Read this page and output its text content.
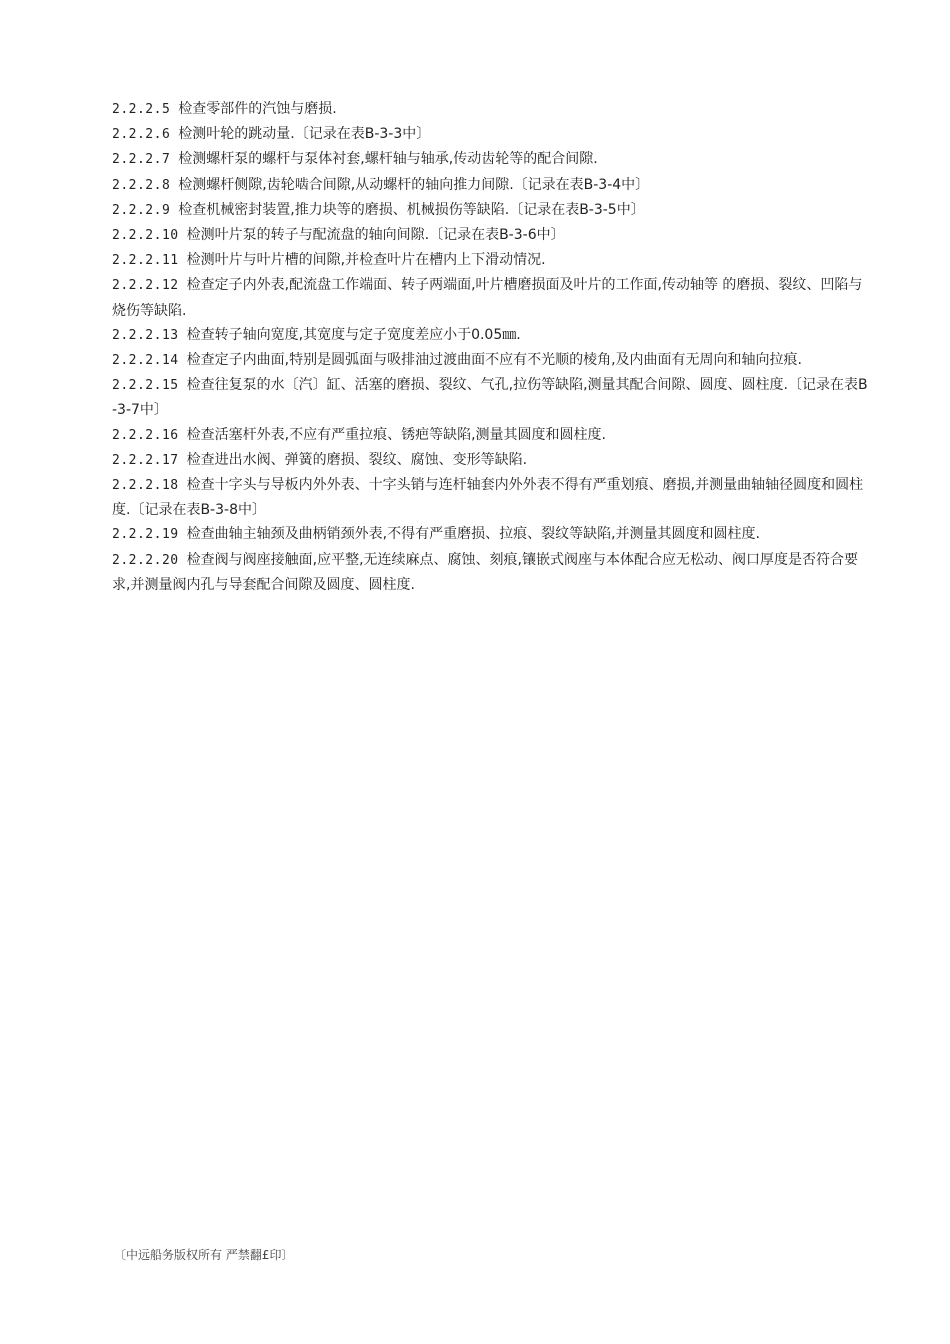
2.2.2.5 检查零部件的汽蚀与磨损.

2.2.2.6 检测叶轮的跳动量.〔记录在表B-3-3中〕

2.2.2.7 检测螺杆泵的螺杆与泵体衬套,螺杆轴与轴承,传动齿轮等的配合间隙.

2.2.2.8 检测螺杆侧隙,齿轮啮合间隙,从动螺杆的轴向推力间隙.〔记录在表B-3-4中〕

2.2.2.9 检查机械密封装置,推力块等的磨损、机械损伤等缺陷.〔记录在表B-3-5中〕

2.2.2.10 检测叶片泵的转子与配流盘的轴向间隙.〔记录在表B-3-6中〕

2.2.2.11 检测叶片与叶片槽的间隙,并检查叶片在槽内上下滑动情况.

2.2.2.12 检查定子内外表,配流盘工作端面、转子两端面,叶片槽磨损面及叶片的工作面,传动轴等 的磨损、裂纹、凹陷与烧伤等缺陷.

2.2.2.13 检查转子轴向宽度,其宽度与定子宽度差应小于0.05㎜.

2.2.2.14 检查定子内曲面,特别是圆弧面与吸排油过渡曲面不应有不光顺的棱角,及内曲面有无周向和轴向拉痕.

2.2.2.15 检查往复泵的水〔汽〕缸、活塞的磨损、裂纹、气孔,拉伤等缺陷,测量其配合间隙、圆度、圆柱度.〔记录在表B-3-7中〕

2.2.2.16 检查活塞杆外表,不应有严重拉痕、锈疤等缺陷,测量其圆度和圆柱度.

2.2.2.17 检查进出水阀、弹簧的磨损、裂纹、腐蚀、变形等缺陷.

2.2.2.18 检查十字头与导板内外外表、十字头销与连杆轴套内外外表不得有严重划痕、磨损,并测量曲轴轴径圆度和圆柱度.〔记录在表B-3-8中〕

2.2.2.19 检查曲轴主轴颈及曲柄销颈外表,不得有严重磨损、拉痕、裂纹等缺陷,并测量其圆度和圆柱度.

2.2.2.20 检查阀与阀座接触面,应平整,无连续麻点、腐蚀、刻痕,镶嵌式阀座与本体配合应无松动、阀口厚度是否符合要求,并测量阀内孔与导套配合间隙及圆度、圆柱度.

〔中远船务版权所有 严禁翻£印〕
